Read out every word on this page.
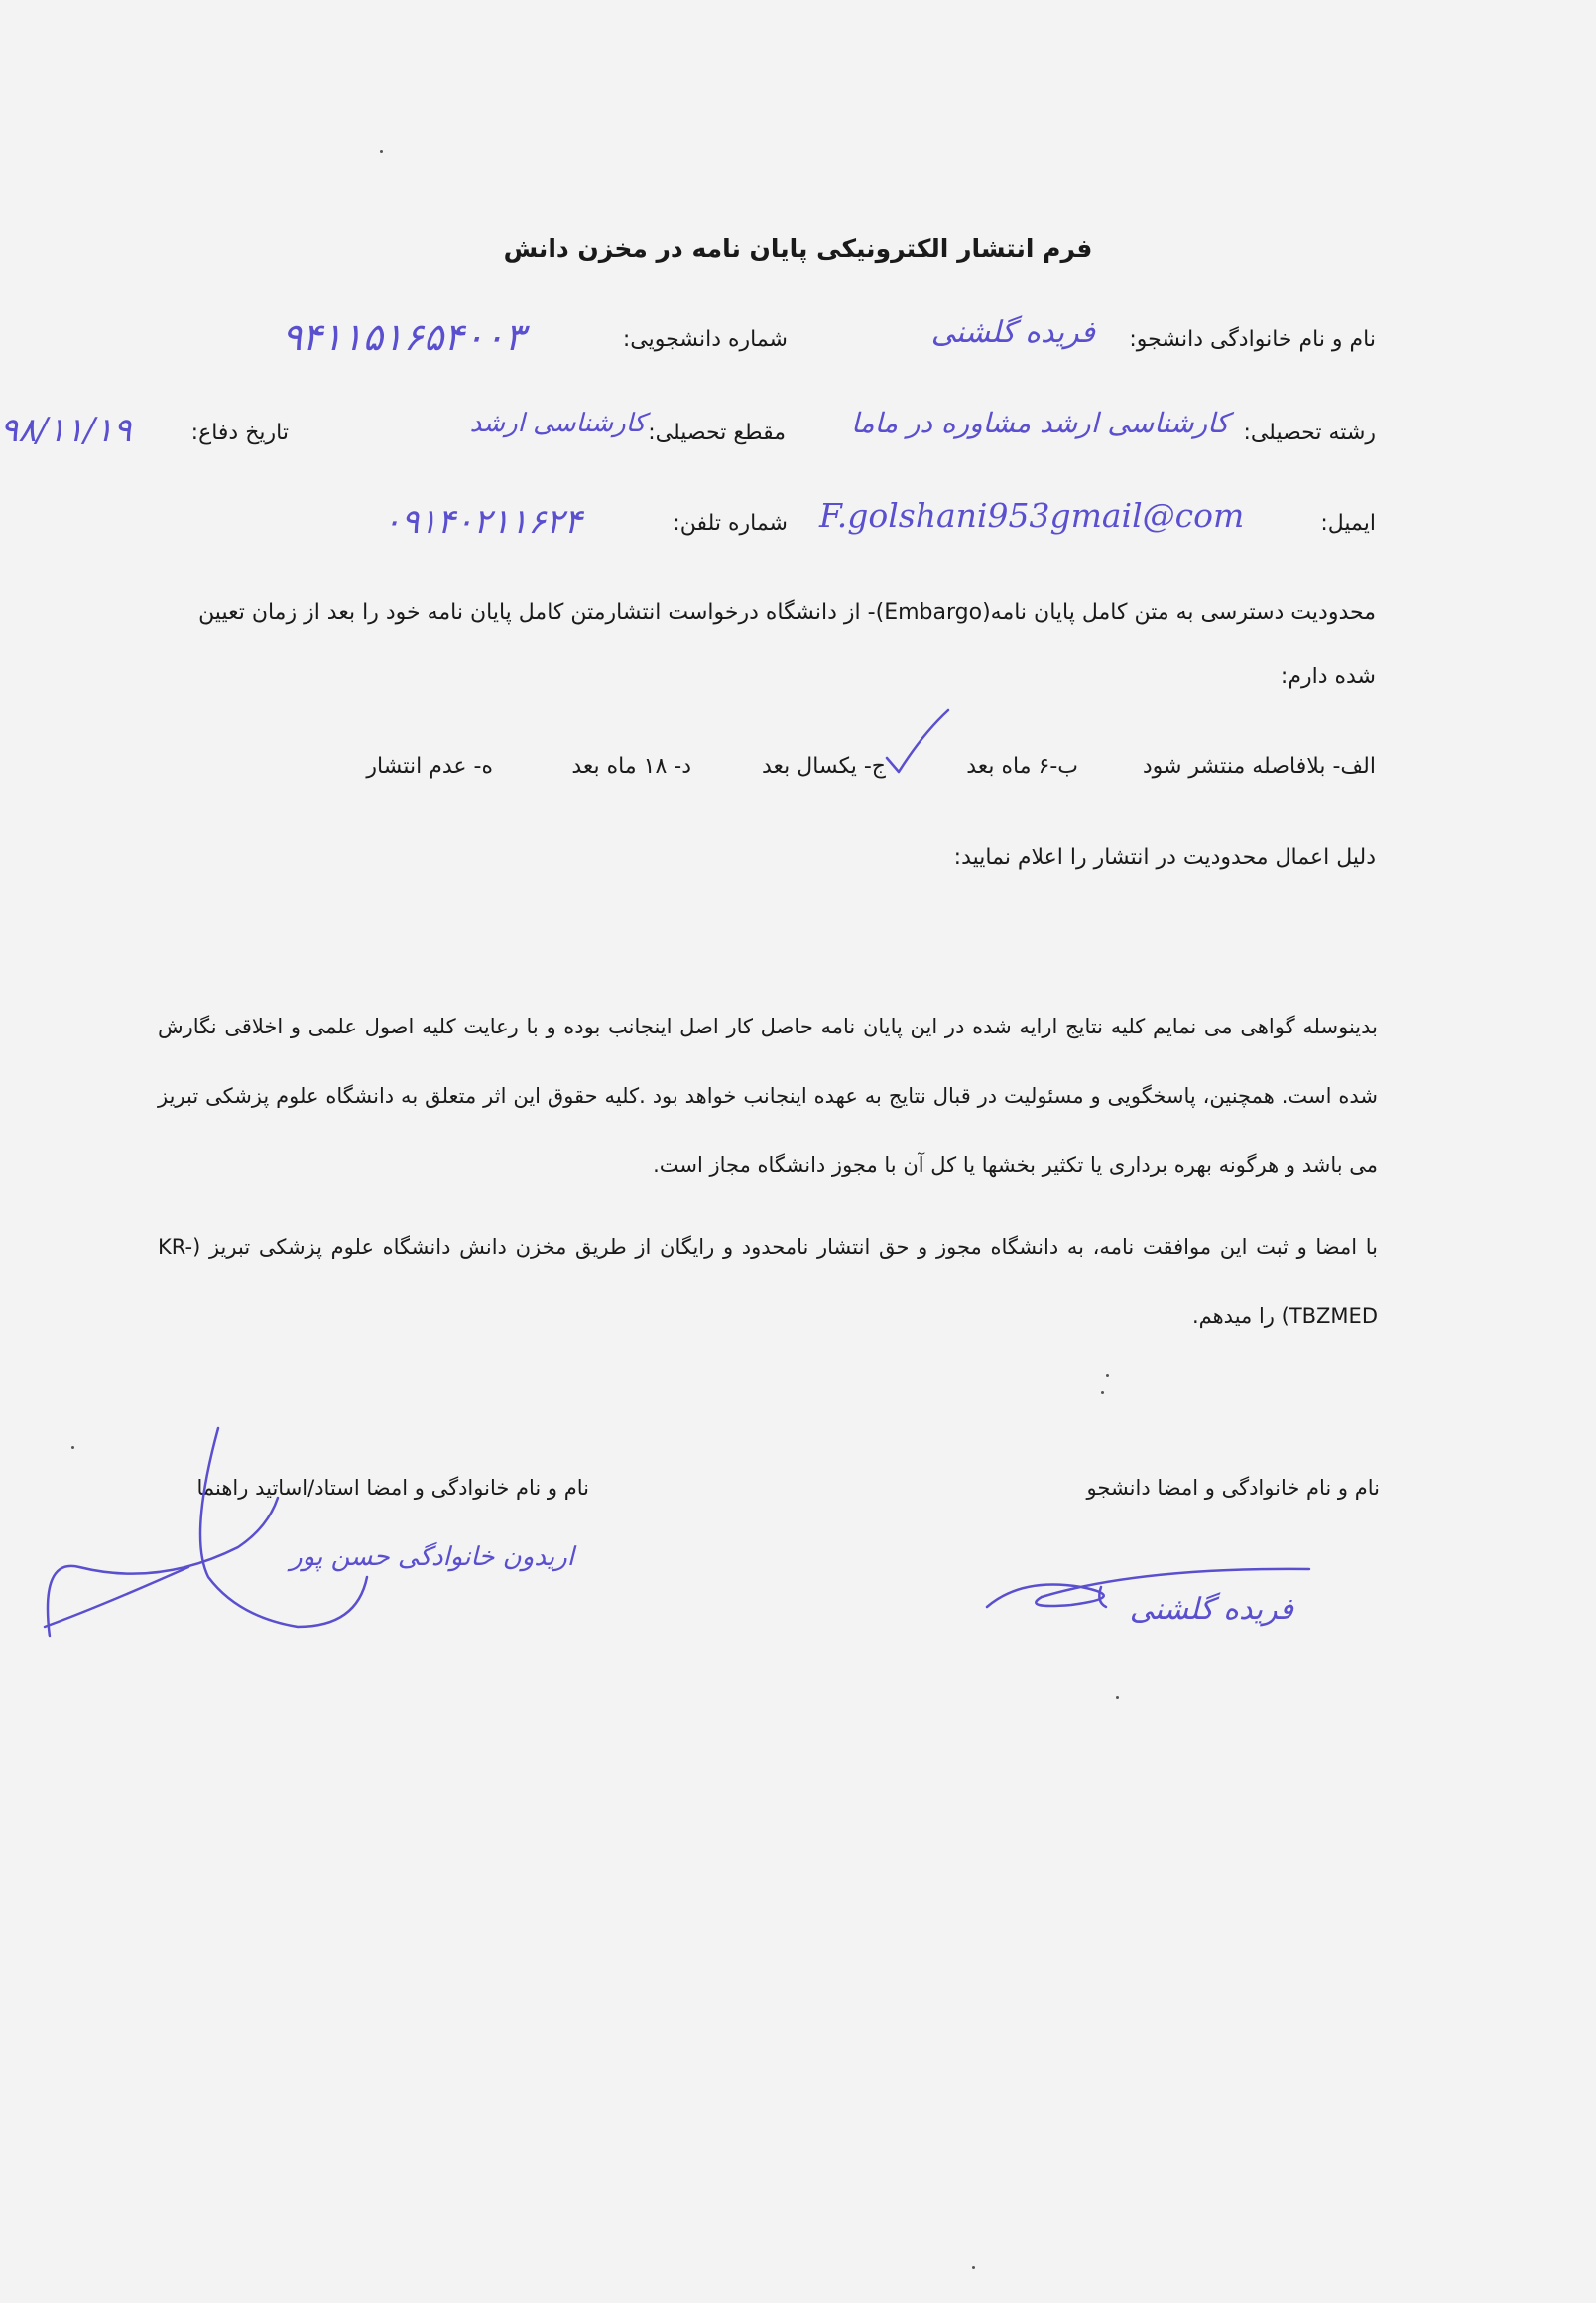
فرم انتشار الکترونیکی پایان نامه در مخزن دانش
نام و نام خانوادگی دانشجو:
فریده گلشنی
شماره دانشجویی:
۹۴۱۱۵۱۶۵۴۰۰۳
رشته تحصیلی:
کارشناسی ارشد مشاوره در ماما
مقطع تحصیلی:
کارشناسی ارشد
تاریخ دفاع:
۹۸/۱۱/۱۹
ایمیل:
F.golshani953gmail@com
شماره تلفن:
۰۹۱۴۰۲۱۱۶۲۴
محدودیت دسترسی به متن کامل پایان نامه(Embargo)- از دانشگاه درخواست انتشارمتن کامل پایان نامه خود را بعد از زمان تعیین
شده دارم:
الف- بلافاصله منتشر شود
ب-۶ ماه بعد
ج- یکسال بعد
د- ۱۸ ماه بعد
ه- عدم انتشار
دلیل اعمال محدودیت در انتشار را اعلام نمایید:
بدینوسله گواهی می نمایم کلیه نتایج ارایه شده در این پایان نامه حاصل کار اصل اینجانب بوده و با رعایت کلیه اصول علمی و اخلاقی نگارش شده است. همچنین، پاسخگویی و مسئولیت در قبال نتایج به عهده اینجانب خواهد بود .کلیه حقوق این اثر متعلق به دانشگاه علوم پزشکی تبریز می باشد و هرگونه بهره برداری یا تکثیر بخشها یا کل آن با مجوز دانشگاه مجاز است.
با امضا و ثبت این موافقت نامه، به دانشگاه مجوز و حق انتشار نامحدود و رایگان از طریق مخزن دانش دانشگاه علوم پزشکی تبریز (KR-TBZMED) را میدهم.
نام و نام خانوادگی و امضا استاد/اساتید راهنما	نام و نام خانوادگی و امضا دانشجو
اریدون خانوادگی حسن پور
فریده گلشنی
